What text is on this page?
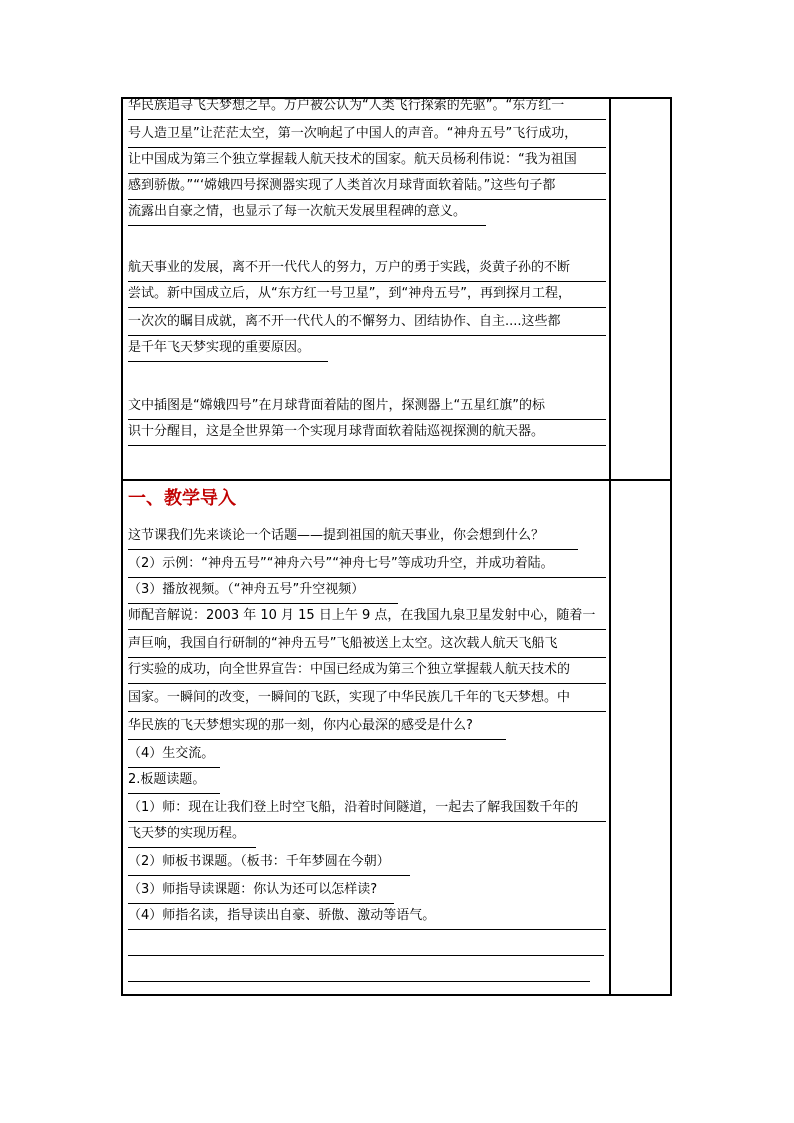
华民族追寻飞天梦想之早。万户被公认为“人类飞行探索的先驱”。“东方红一
号人造卫星”让茫茫太空，第一次响起了中国人的声音。“神舟五号”飞行成功，
让中国成为第三个独立掌握载人航天技术的国家。航天员杨利伟说：“我为祖国
感到骄傲。”“‘嫦娥四号探测器实现了人类首次月球背面软着陆。”这些句子都
流露出自豪之情，也显示了每一次航天发展里程碑的意义。
航天事业的发展，离不开一代代人的努力，万户的勇于实践，炎黄子孙的不断
尝试。新中国成立后，从“东方红一号卫星”，到“神舟五号”，再到探月工程，
一次次的瞩目成就，离不开一代代人的不懈努力、团结协作、自主....这些都
是千年飞天梦实现的重要原因。
文中插图是“嫦娥四号”在月球背面着陆的图片，探测器上“五星红旗”的标
识十分醒目，这是全世界第一个实现月球背面软着陆巡视探测的航天器。
一、教学导入
这节课我们先来谈论一个话题——提到祖国的航天事业，你会想到什么？
（2）示例：“神舟五号”“神舟六号”“神舟七号”等成功升空，并成功着陆。
（3）播放视频。（“神舟五号”升空视频）
师配音解说：2003 年 10 月 15 日上午 9 点，在我国九泉卫星发射中心，随着一
声巨响，我国自行研制的“神舟五号”飞船被送上太空。这次载人航天飞船飞
行实验的成功，向全世界宣告：中国已经成为第三个独立掌握载人航天技术的
国家。一瞬间的改变，一瞬间的飞跃，实现了中华民族几千年的飞天梦想。中
华民族的飞天梦想实现的那一刻，你内心最深的感受是什么?
（4）生交流。
2.板题读题。
（1）师：现在让我们登上时空飞船，沿着时间隧道，一起去了解我国数千年的
飞天梦的实现历程。
（2）师板书课题。（板书：千年梦圆在今朝）
（3）师指导读课题：你认为还可以怎样读?
（4）师指名读，指导读出自豪、骄傲、激动等语气。
